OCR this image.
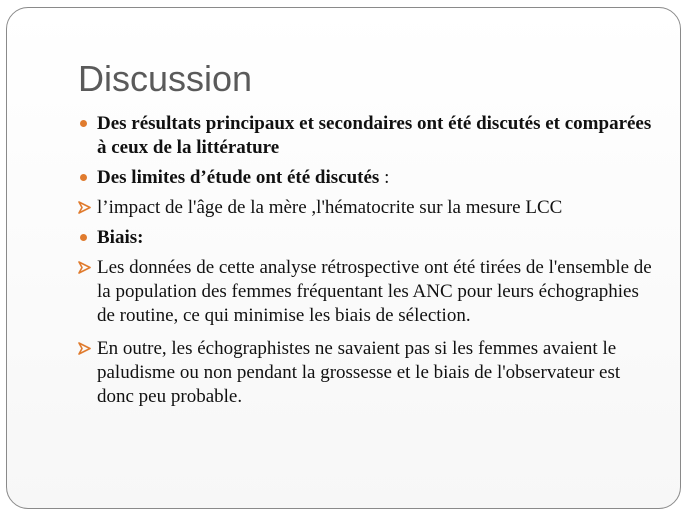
Discussion
Des résultats principaux et secondaires ont été discutés et comparées à ceux de la littérature
Des limites d’étude ont été discutés :
l’impact de l'âge de la mère ,l'hématocrite sur la mesure LCC
Biais:
Les données de cette analyse rétrospective ont été tirées de l'ensemble de la population des femmes fréquentant les ANC pour leurs échographies de routine, ce qui minimise les biais de sélection.
En outre, les échographistes ne savaient pas si les femmes avaient le paludisme ou non pendant la grossesse et le biais de l'observateur est donc peu probable.
